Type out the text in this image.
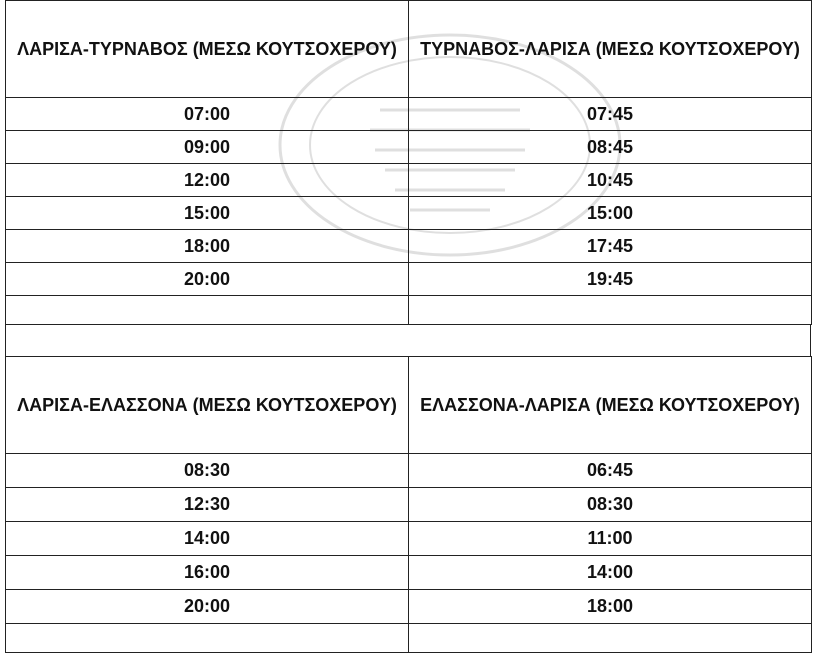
ΛΑΡΙΣΑ-ΤΥΡΝΑΒΟΣ (ΜΕΣΩ ΚΟΥΤΣΟΧΕΡΟΥ)	ΤΥΡΝΑΒΟΣ-ΛΑΡΙΣΑ (ΜΕΣΩ ΚΟΥΤΣΟΧΕΡΟΥ)
07:00	07:45
09:00	08:45
12:00	10:45
15:00	15:00
18:00	17:45
20:00	19:45

ΛΑΡΙΣΑ-ΕΛΑΣΣΟΝΑ (ΜΕΣΩ ΚΟΥΤΣΟΧΕΡΟΥ)	ΕΛΑΣΣΟΝΑ-ΛΑΡΙΣΑ (ΜΕΣΩ ΚΟΥΤΣΟΧΕΡΟΥ)
08:30	06:45
12:30	08:30
14:00	11:00
16:00	14:00
20:00	18:00
